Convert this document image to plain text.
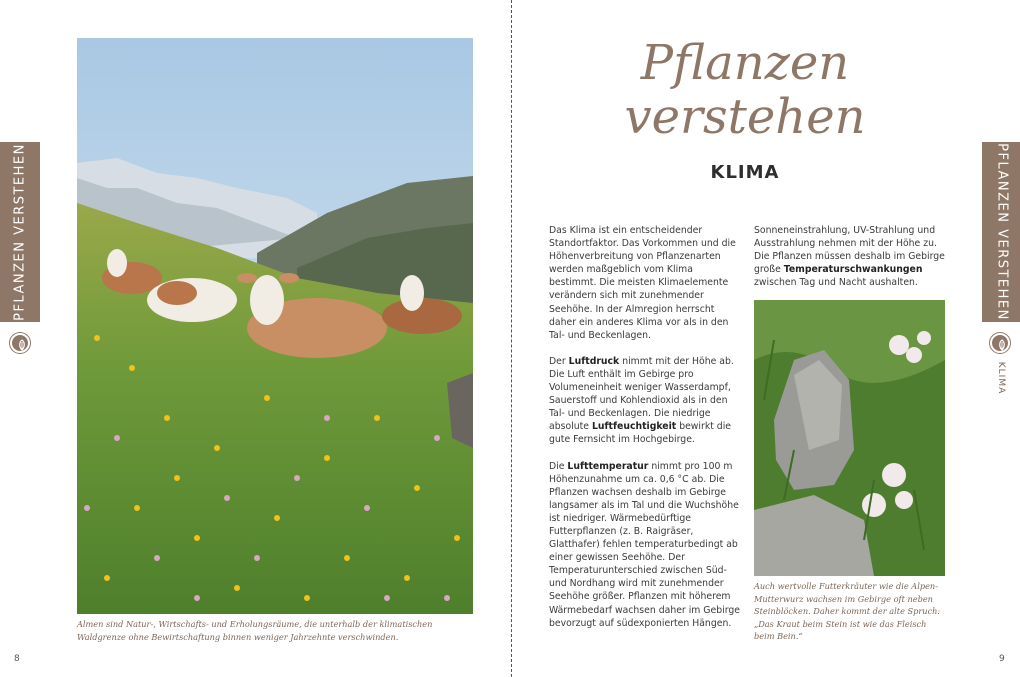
PFLANZEN VERSTEHEN
Almen sind Natur-, Wirtschafts- und Erholungsräume, die unterhalb der klimatischen Waldgrenze ohne Bewirtschaftung binnen weniger Jahrzehnte verschwinden.
8
Pflanzen
verstehen
KLIMA

Das Klima ist ein entscheidender Standortfaktor. Das Vorkommen und die Höhenverbreitung von Pflanzenarten werden maßgeblich vom Klima bestimmt. Die meisten Klimaelemente verändern sich mit zunehmender Seehöhe. In der Almregion herrscht daher ein anderes Klima vor als in den Tal- und Beckenlagen.

Der Luftdruck nimmt mit der Höhe ab. Die Luft enthält im Gebirge pro Volumeneinheit weniger Wasserdampf, Sauerstoff und Kohlendioxid als in den Tal- und Beckenlagen. Die niedrige absolute Luftfeuchtigkeit bewirkt die gute Fernsicht im Hochgebirge.

Die Lufttemperatur nimmt pro 100 m Höhenzunahme um ca. 0,6 °C ab. Die Pflanzen wachsen deshalb im Gebirge langsamer als im Tal und die Wuchshöhe ist niedriger. Wärmebedürftige Futterpflanzen (z. B. Raigräser, Glatthafer) fehlen temperaturbedingt ab einer gewissen Seehöhe. Der Temperaturunterschied zwischen Süd- und Nordhang wird mit zunehmender Seehöhe größer. Pflanzen mit höherem Wärmebedarf wachsen daher im Gebirge bevorzugt auf südexponierten Hängen.

Sonneneinstrahlung, UV-Strahlung und Ausstrahlung nehmen mit der Höhe zu. Die Pflanzen müssen deshalb im Gebirge große Temperaturschwankungen zwischen Tag und Nacht aushalten.

Auch wertvolle Futterkräuter wie die Alpen-Mutterwurz wachsen im Gebirge oft neben Steinblöcken. Daher kommt der alte Spruch: „Das Kraut beim Stein ist wie das Fleisch beim Bein.“
PFLANZEN VERSTEHEN
KLIMA
9
